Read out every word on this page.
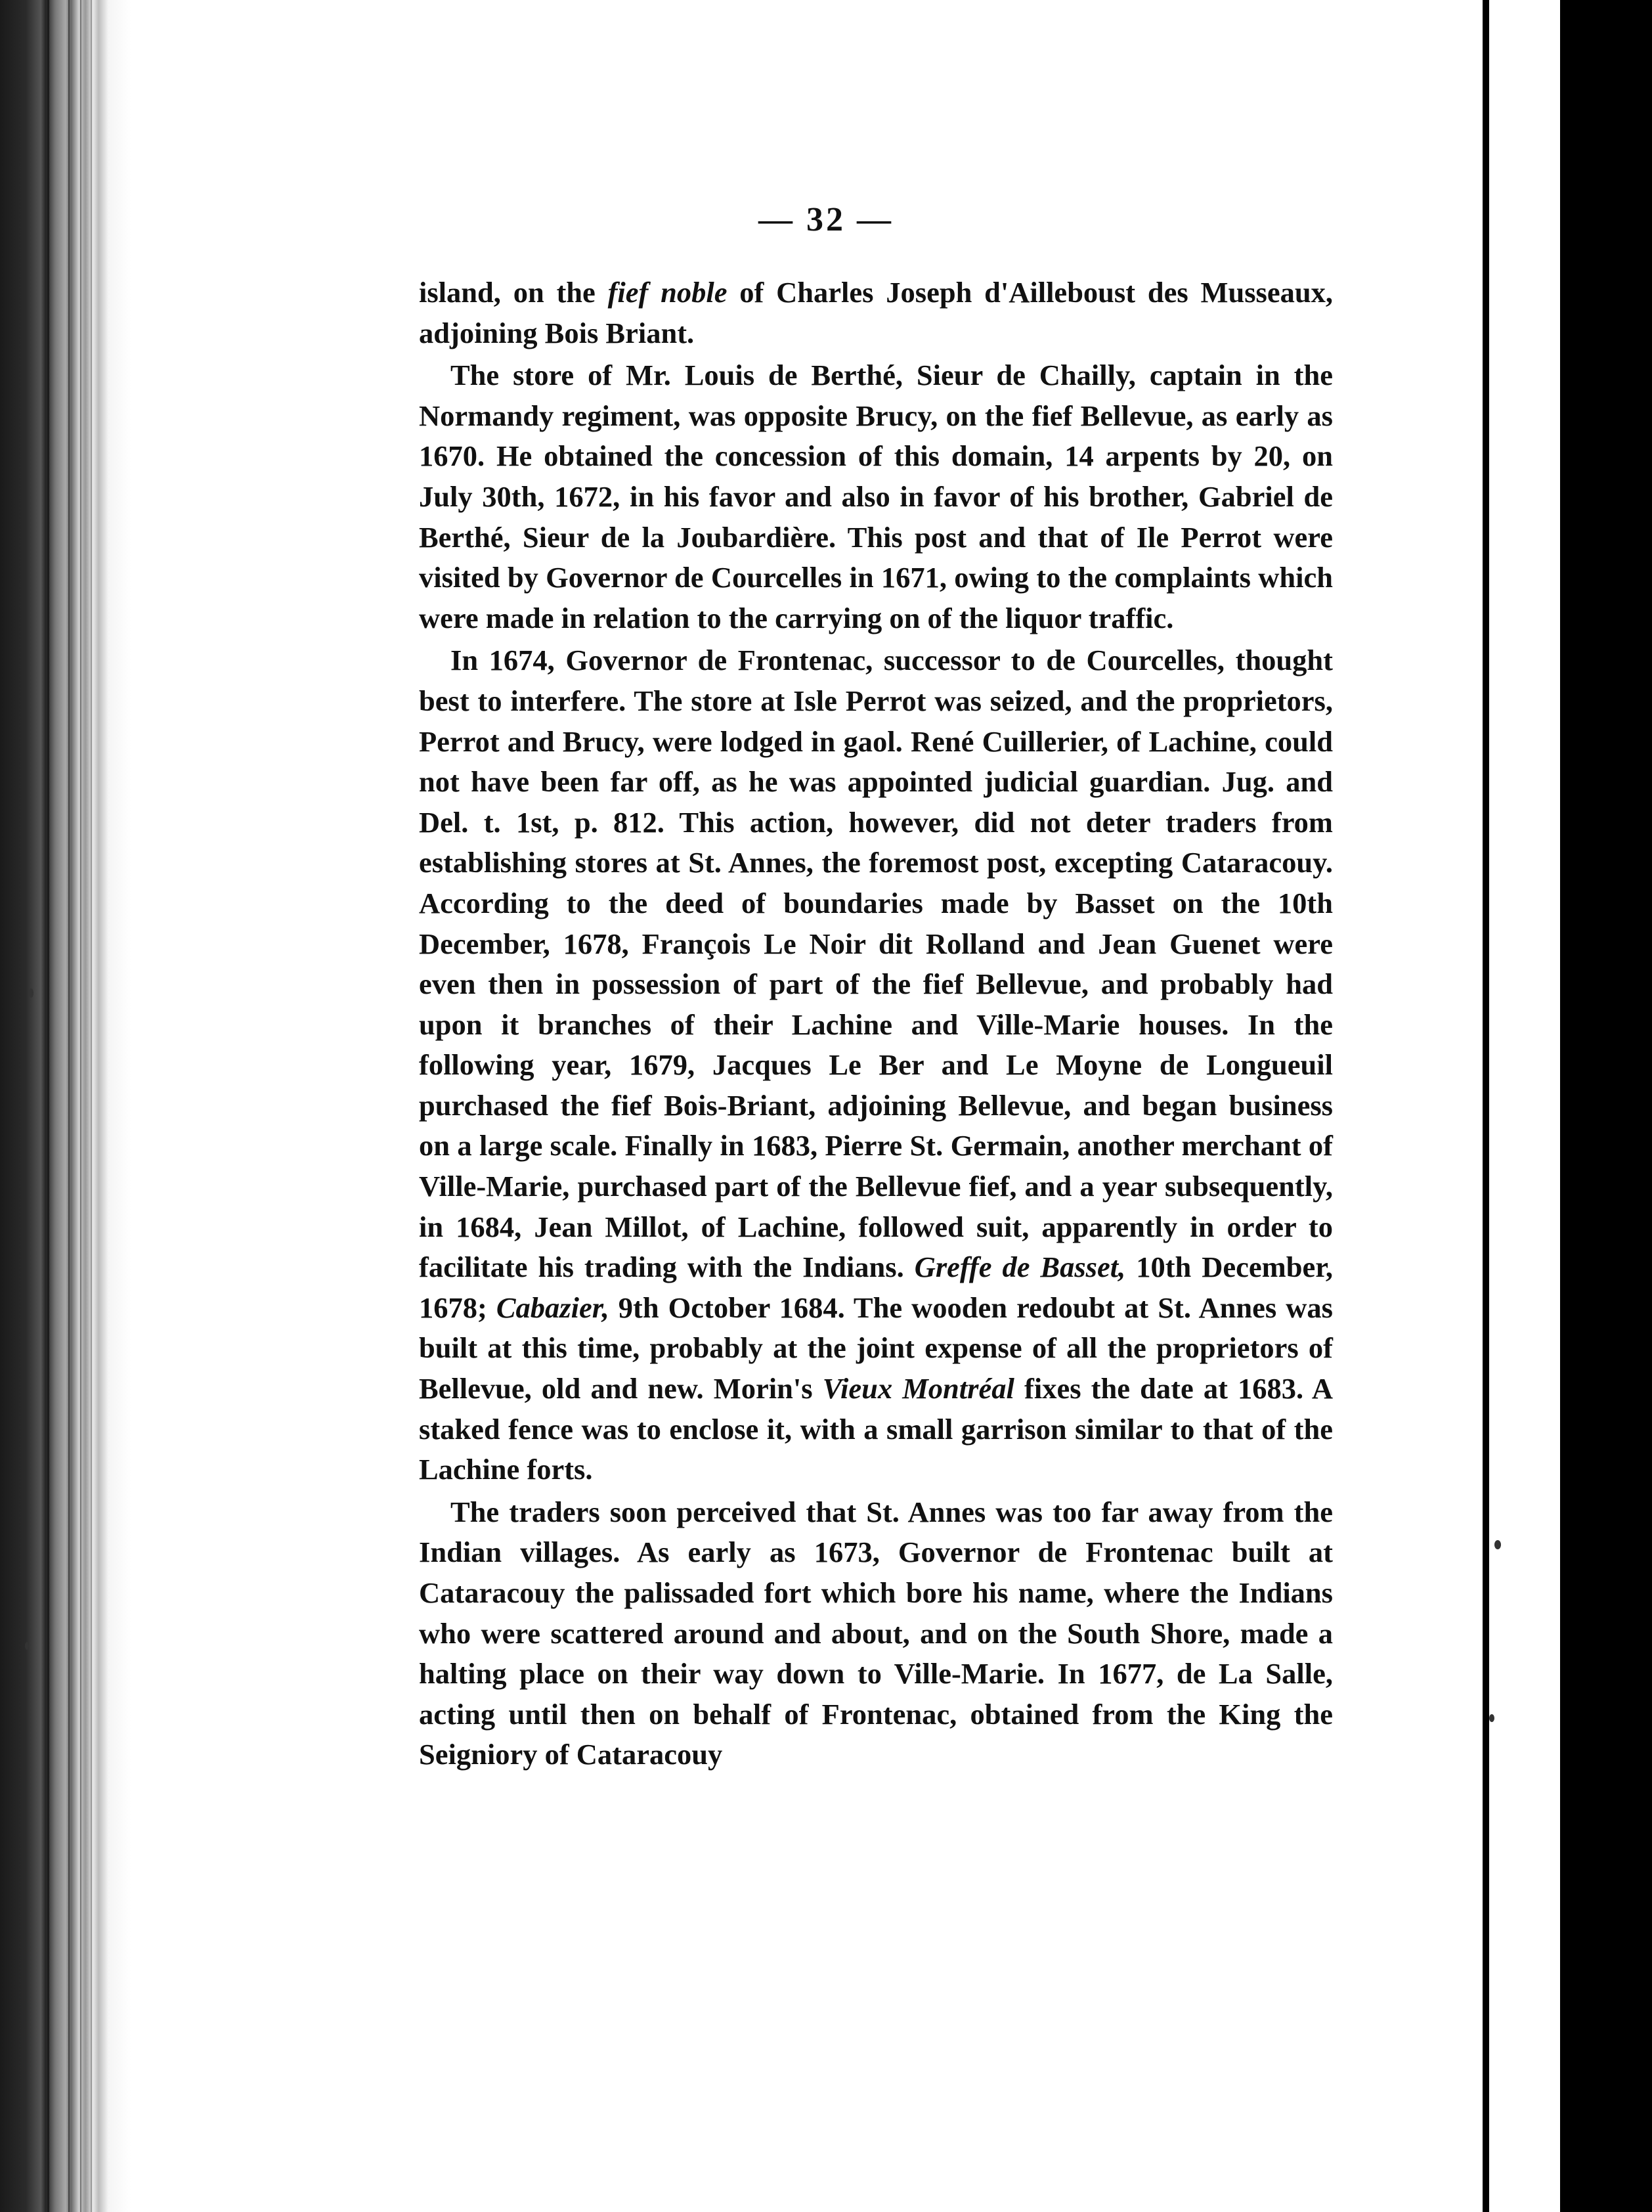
— 32 —

island, on the fief noble of Charles Joseph d'Ailleboust des Musseaux, adjoining Bois Briant.

The store of Mr. Louis de Berthé, Sieur de Chailly, captain in the Normandy regiment, was opposite Brucy, on the fief Bellevue, as early as 1670. He obtained the concession of this domain, 14 arpents by 20, on July 30th, 1672, in his favor and also in favor of his brother, Gabriel de Berthé, Sieur de la Joubardière. This post and that of Ile Perrot were visited by Governor de Courcelles in 1671, owing to the complaints which were made in relation to the carrying on of the liquor traffic.

In 1674, Governor de Frontenac, successor to de Courcelles, thought best to interfere. The store at Isle Perrot was seized, and the proprietors, Perrot and Brucy, were lodged in gaol. René Cuillerier, of Lachine, could not have been far off, as he was appointed judicial guardian. Jug. and Del. t. 1st, p. 812. This action, however, did not deter traders from establishing stores at St. Annes, the foremost post, excepting Cataracouy. According to the deed of boundaries made by Basset on the 10th December, 1678, François Le Noir dit Rolland and Jean Guenet were even then in possession of part of the fief Bellevue, and probably had upon it branches of their Lachine and Ville-Marie houses. In the following year, 1679, Jacques Le Ber and Le Moyne de Longueuil purchased the fief Bois-Briant, adjoining Bellevue, and began business on a large scale. Finally in 1683, Pierre St. Germain, another merchant of Ville-Marie, purchased part of the Bellevue fief, and a year subsequently, in 1684, Jean Millot, of Lachine, followed suit, apparently in order to facilitate his trading with the Indians. Greffe de Basset, 10th December, 1678; Cabazier, 9th October 1684. The wooden redoubt at St. Annes was built at this time, probably at the joint expense of all the proprietors of Bellevue, old and new. Morin's Vieux Montréal fixes the date at 1683. A staked fence was to enclose it, with a small garrison similar to that of the Lachine forts.

The traders soon perceived that St. Annes was too far away from the Indian villages. As early as 1673, Governor de Frontenac built at Cataracouy the palissaded fort which bore his name, where the Indians who were scattered around and about, and on the South Shore, made a halting place on their way down to Ville-Marie. In 1677, de La Salle, acting until then on behalf of Frontenac, obtained from the King the Seigniory of Cataracouy
